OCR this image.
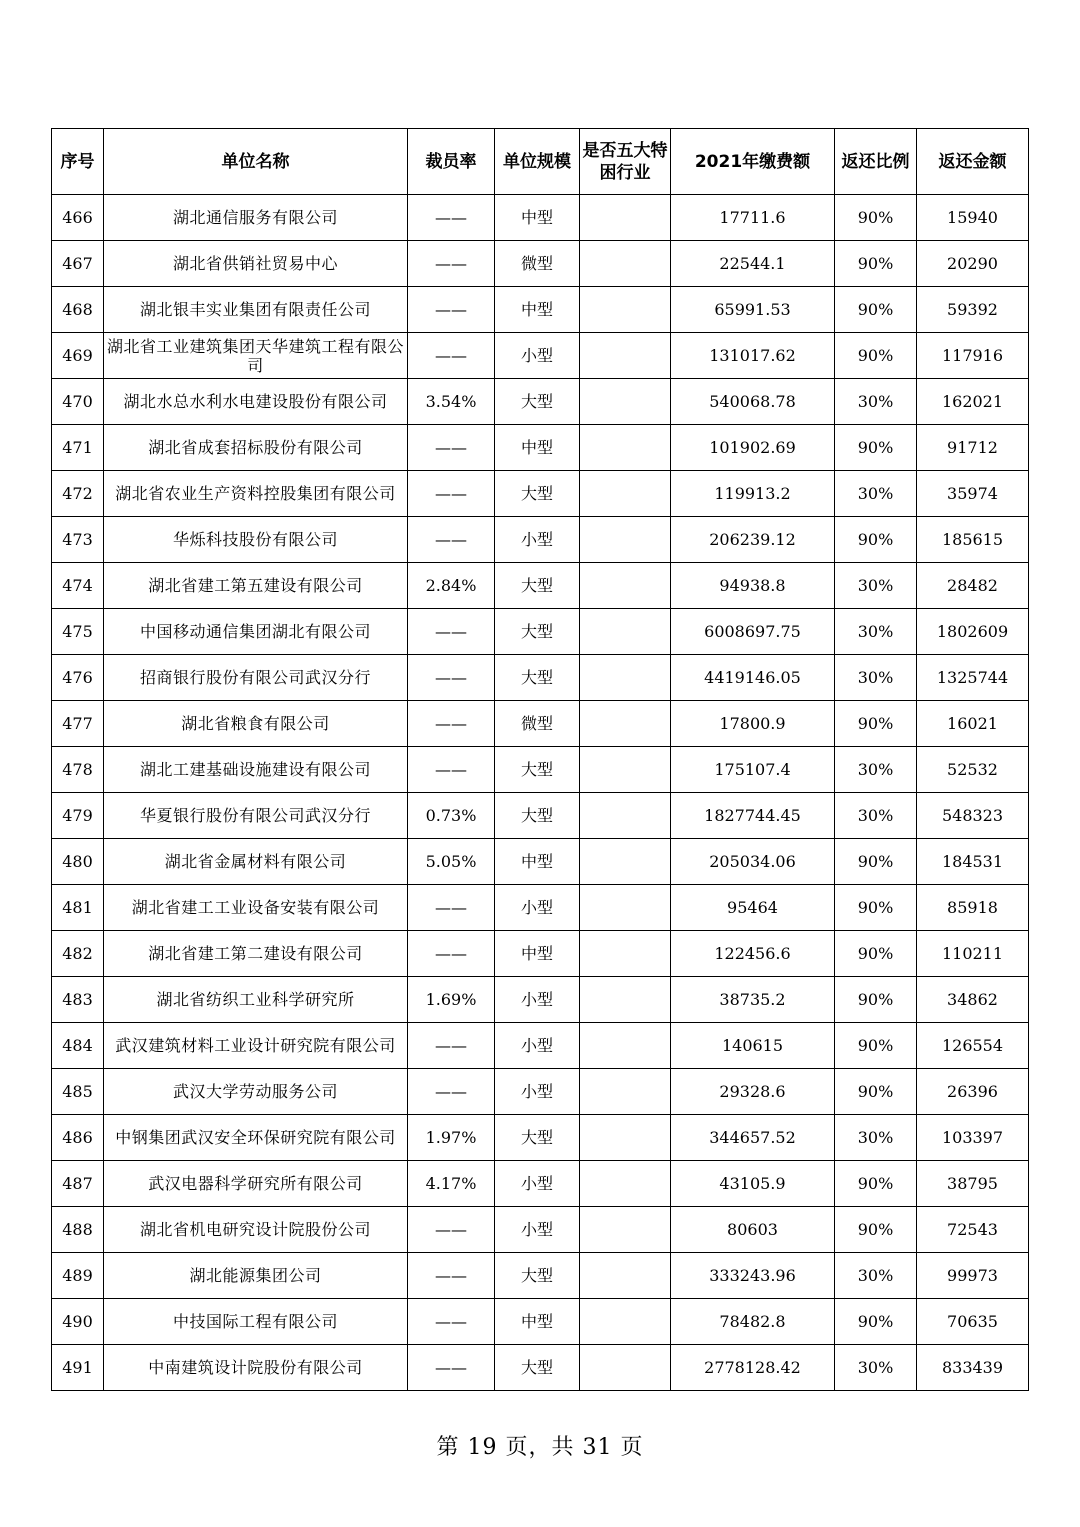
序号	单位名称	裁员率	单位规模	是否五大特困行业	2021年缴费额	返还比例	返还金额
466	湖北通信服务有限公司	——	中型		17711.6	90%	15940
467	湖北省供销社贸易中心	——	微型		22544.1	90%	20290
468	湖北银丰实业集团有限责任公司	——	中型		65991.53	90%	59392
469	湖北省工业建筑集团天华建筑工程有限公司	——	小型		131017.62	90%	117916
470	湖北水总水利水电建设股份有限公司	3.54%	大型		540068.78	30%	162021
471	湖北省成套招标股份有限公司	——	中型		101902.69	90%	91712
472	湖北省农业生产资料控股集团有限公司	——	大型		119913.2	30%	35974
473	华烁科技股份有限公司	——	小型		206239.12	90%	185615
474	湖北省建工第五建设有限公司	2.84%	大型		94938.8	30%	28482
475	中国移动通信集团湖北有限公司	——	大型		6008697.75	30%	1802609
476	招商银行股份有限公司武汉分行	——	大型		4419146.05	30%	1325744
477	湖北省粮食有限公司	——	微型		17800.9	90%	16021
478	湖北工建基础设施建设有限公司	——	大型		175107.4	30%	52532
479	华夏银行股份有限公司武汉分行	0.73%	大型		1827744.45	30%	548323
480	湖北省金属材料有限公司	5.05%	中型		205034.06	90%	184531
481	湖北省建工工业设备安装有限公司	——	小型		95464	90%	85918
482	湖北省建工第二建设有限公司	——	中型		122456.6	90%	110211
483	湖北省纺织工业科学研究所	1.69%	小型		38735.2	90%	34862
484	武汉建筑材料工业设计研究院有限公司	——	小型		140615	90%	126554
485	武汉大学劳动服务公司	——	小型		29328.6	90%	26396
486	中钢集团武汉安全环保研究院有限公司	1.97%	大型		344657.52	30%	103397
487	武汉电器科学研究所有限公司	4.17%	小型		43105.9	90%	38795
488	湖北省机电研究设计院股份公司	——	小型		80603	90%	72543
489	湖北能源集团公司	——	大型		333243.96	30%	99973
490	中技国际工程有限公司	——	中型		78482.8	90%	70635
491	中南建筑设计院股份有限公司	——	大型		2778128.42	30%	833439
第 19 页，共 31 页
